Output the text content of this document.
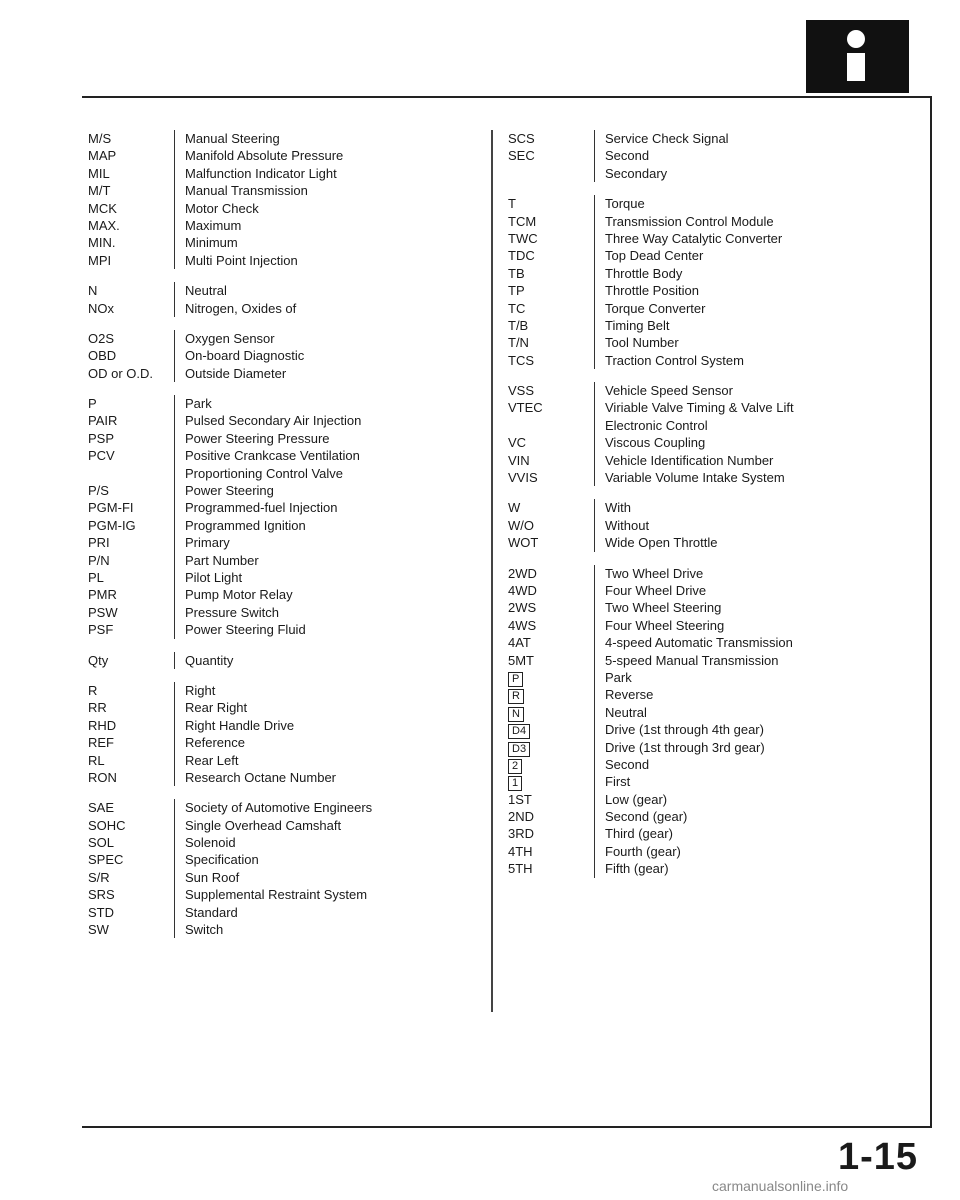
M/S	Manual Steering
MAP	Manifold Absolute Pressure
MIL	Malfunction Indicator Light
M/T	Manual Transmission
MCK	Motor Check
MAX.	Maximum
MIN.	Minimum
MPI	Multi Point Injection
N	Neutral
NOx	Nitrogen, Oxides of
O2S	Oxygen Sensor
OBD	On-board Diagnostic
OD or O.D.	Outside Diameter
P	Park
PAIR	Pulsed Secondary Air Injection
PSP	Power Steering Pressure
PCV	Positive Crankcase Ventilation
Proportioning Control Valve
P/S	Power Steering
PGM-FI	Programmed-fuel Injection
PGM-IG	Programmed Ignition
PRI	Primary
P/N	Part Number
PL	Pilot Light
PMR	Pump Motor Relay
PSW	Pressure Switch
PSF	Power Steering Fluid
Qty	Quantity
R	Right
RR	Rear Right
RHD	Right Handle Drive
REF	Reference
RL	Rear Left
RON	Research Octane Number
SAE	Society of Automotive Engineers
SOHC	Single Overhead Camshaft
SOL	Solenoid
SPEC	Specification
S/R	Sun Roof
SRS	Supplemental Restraint System
STD	Standard
SW	Switch
SCS	Service Check Signal
SEC	Second
Secondary
T	Torque
TCM	Transmission Control Module
TWC	Three Way Catalytic Converter
TDC	Top Dead Center
TB	Throttle Body
TP	Throttle Position
TC	Torque Converter
T/B	Timing Belt
T/N	Tool Number
TCS	Traction Control System
VSS	Vehicle Speed Sensor
VTEC	Viriable Valve Timing & Valve Lift
Electronic Control
VC	Viscous Coupling
VIN	Vehicle Identification Number
VVIS	Variable Volume Intake System
W	With
W/O	Without
WOT	Wide Open Throttle
2WD	Two Wheel Drive
4WD	Four Wheel Drive
2WS	Two Wheel Steering
4WS	Four Wheel Steering
4AT	4-speed Automatic Transmission
5MT	5-speed Manual Transmission
P	Park
R	Reverse
N	Neutral
D4	Drive (1st through 4th gear)
D3	Drive (1st through 3rd gear)
2	Second
1	First
1ST	Low (gear)
2ND	Second (gear)
3RD	Third (gear)
4TH	Fourth (gear)
5TH	Fifth (gear)
1-15
carmanualsonline.info
